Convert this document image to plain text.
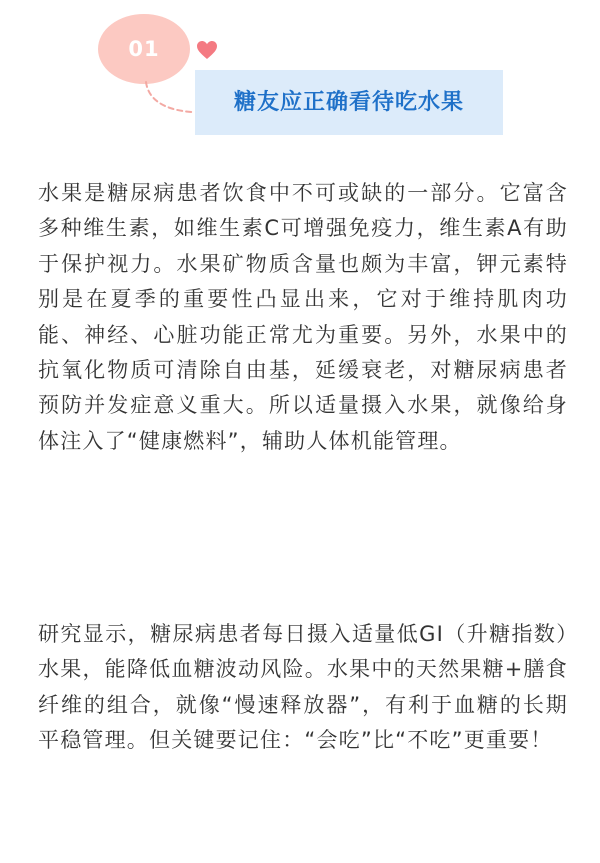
01
糖友应正确看待吃水果

水果是糖尿病患者饮食中不可或缺的一部分。它富含多种维生素，如维生素C可增强免疫力，维生素A有助于保护视力。水果矿物质含量也颇为丰富，钾元素特别是在夏季的重要性凸显出来，它对于维持肌肉功能、神经、心脏功能正常尤为重要。另外，水果中的抗氧化物质可清除自由基，延缓衰老，对糖尿病患者预防并发症意义重大。所以适量摄入水果，就像给身体注入了“健康燃料”，辅助人体机能管理。

研究显示，糖尿病患者每日摄入适量低GI（升糖指数）水果，能降低血糖波动风险。水果中的天然果糖+膳食纤维的组合，就像“慢速释放器”，有利于血糖的长期平稳管理。但关键要记住：“会吃”比“不吃”更重要！
